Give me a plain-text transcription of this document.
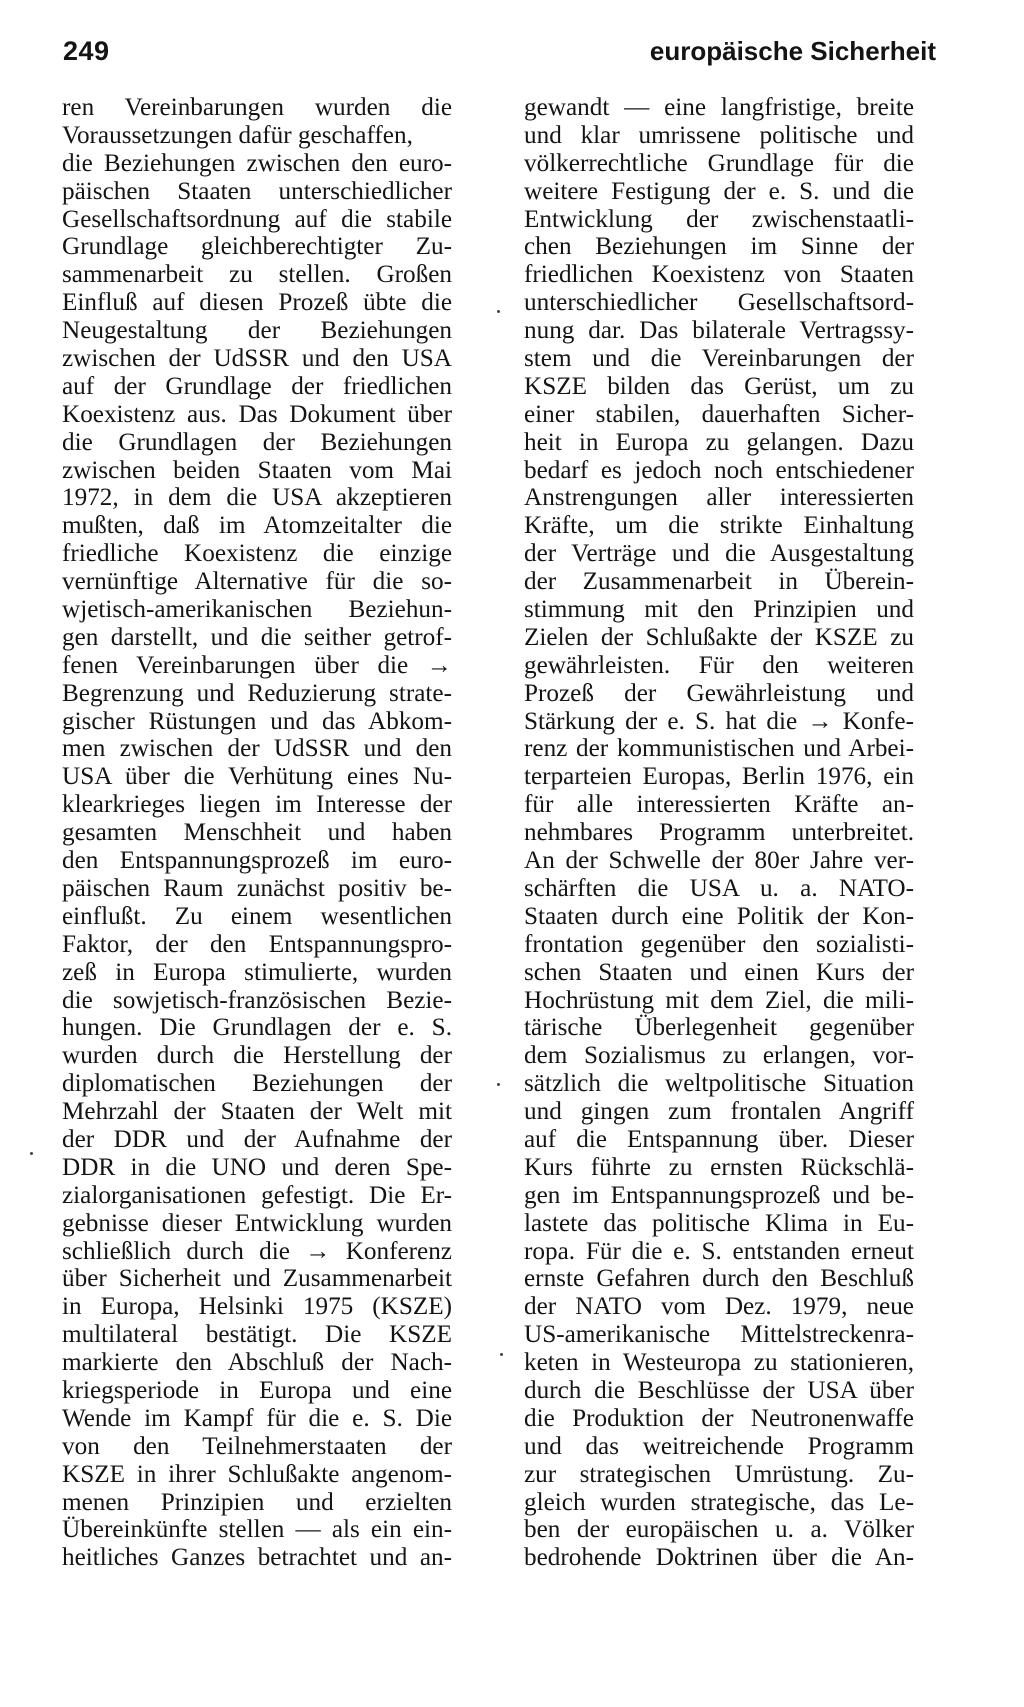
249	europäische Sicherheit
ren Vereinbarungen wurden die
Voraussetzungen dafür geschaffen,
die Beziehungen zwischen den euro-
päischen Staaten unterschiedlicher
Gesellschaftsordnung auf die stabile
Grundlage gleichberechtigter Zu-
sammenarbeit zu stellen. Großen
Einfluß auf diesen Prozeß übte die
Neugestaltung der Beziehungen
zwischen der UdSSR und den USA
auf der Grundlage der friedlichen
Koexistenz aus. Das Dokument über
die Grundlagen der Beziehungen
zwischen beiden Staaten vom Mai
1972, in dem die USA akzeptieren
mußten, daß im Atomzeitalter die
friedliche Koexistenz die einzige
vernünftige Alternative für die so-
wjetisch-amerikanischen Beziehun-
gen darstellt, und die seither getrof-
fenen Vereinbarungen über die →
Begrenzung und Reduzierung strate-
gischer Rüstungen und das Abkom-
men zwischen der UdSSR und den
USA über die Verhütung eines Nu-
klearkrieges liegen im Interesse der
gesamten Menschheit und haben
den Entspannungsprozeß im euro-
päischen Raum zunächst positiv be-
einflußt. Zu einem wesentlichen
Faktor, der den Entspannungspro-
zeß in Europa stimulierte, wurden
die sowjetisch-französischen Bezie-
hungen. Die Grundlagen der e. S.
wurden durch die Herstellung der
diplomatischen Beziehungen der
Mehrzahl der Staaten der Welt mit
der DDR und der Aufnahme der
DDR in die UNO und deren Spe-
zialorganisationen gefestigt. Die Er-
gebnisse dieser Entwicklung wurden
schließlich durch die → Konferenz
über Sicherheit und Zusammenarbeit
in Europa, Helsinki 1975 (KSZE)
multilateral bestätigt. Die KSZE
markierte den Abschluß der Nach-
kriegsperiode in Europa und eine
Wende im Kampf für die e. S. Die
von den Teilnehmerstaaten der
KSZE in ihrer Schlußakte angenom-
menen Prinzipien und erzielten
Übereinkünfte stellen — als ein ein-
heitliches Ganzes betrachtet und an-
gewandt — eine langfristige, breite
und klar umrissene politische und
völkerrechtliche Grundlage für die
weitere Festigung der e. S. und die
Entwicklung der zwischenstaatli-
chen Beziehungen im Sinne der
friedlichen Koexistenz von Staaten
unterschiedlicher Gesellschaftsord-
nung dar. Das bilaterale Vertragssy-
stem und die Vereinbarungen der
KSZE bilden das Gerüst, um zu
einer stabilen, dauerhaften Sicher-
heit in Europa zu gelangen. Dazu
bedarf es jedoch noch entschiedener
Anstrengungen aller interessierten
Kräfte, um die strikte Einhaltung
der Verträge und die Ausgestaltung
der Zusammenarbeit in Überein-
stimmung mit den Prinzipien und
Zielen der Schlußakte der KSZE zu
gewährleisten. Für den weiteren
Prozeß der Gewährleistung und
Stärkung der e. S. hat die → Konfe-
renz der kommunistischen und Arbei-
terparteien Europas, Berlin 1976, ein
für alle interessierten Kräfte an-
nehmbares Programm unterbreitet.
An der Schwelle der 80er Jahre ver-
schärften die USA u. a. NATO-
Staaten durch eine Politik der Kon-
frontation gegenüber den sozialisti-
schen Staaten und einen Kurs der
Hochrüstung mit dem Ziel, die mili-
tärische Überlegenheit gegenüber
dem Sozialismus zu erlangen, vor-
sätzlich die weltpolitische Situation
und gingen zum frontalen Angriff
auf die Entspannung über. Dieser
Kurs führte zu ernsten Rückschlä-
gen im Entspannungsprozeß und be-
lastete das politische Klima in Eu-
ropa. Für die e. S. entstanden erneut
ernste Gefahren durch den Beschluß
der NATO vom Dez. 1979, neue
US-amerikanische Mittelstreckenra-
keten in Westeuropa zu stationieren,
durch die Beschlüsse der USA über
die Produktion der Neutronenwaffe
und das weitreichende Programm
zur strategischen Umrüstung. Zu-
gleich wurden strategische, das Le-
ben der europäischen u. a. Völker
bedrohende Doktrinen über die An-
